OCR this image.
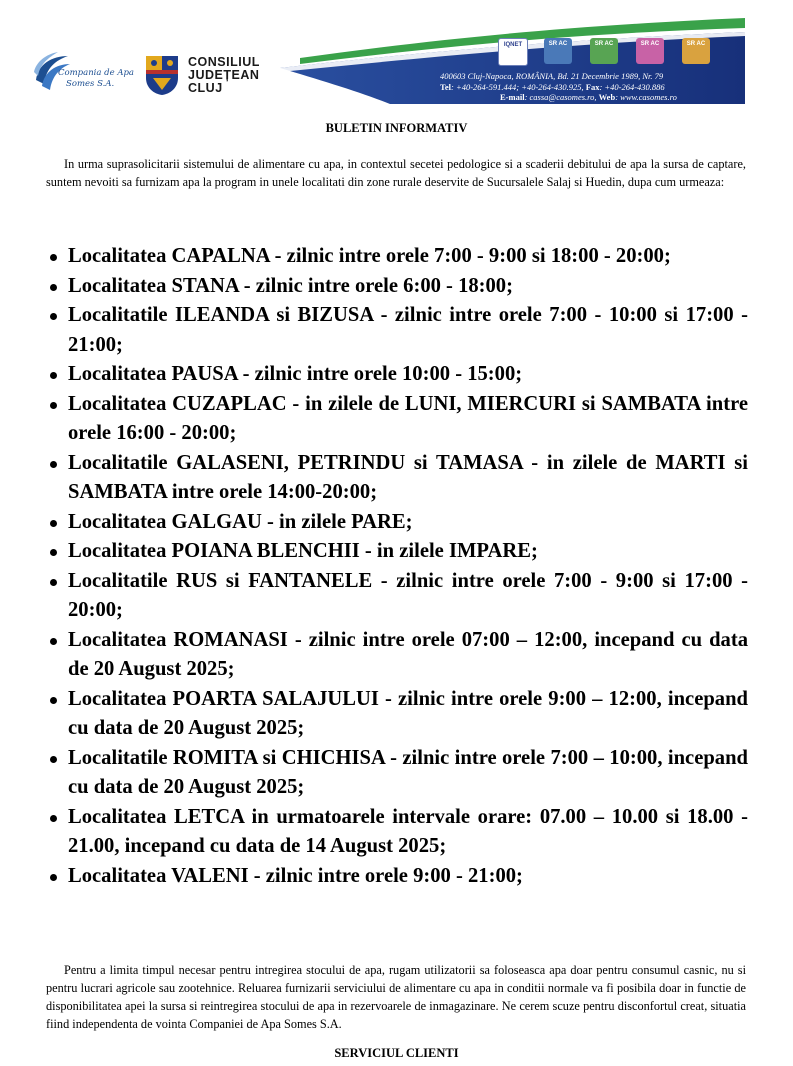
Compania de Apa
Somes S.A.
CONSILIUL
JUDEȚEAN
CLUJ
IQNET	SR AC	SR AC	SR AC	SR AC
400603 Cluj-Napoca, ROMÂNIA, Bd. 21 Decembrie 1989, Nr. 79
Tel: +40-264-591.444; +40-264-430.925, Fax: +40-264-430.886
E-mail: cassa@casomes.ro, Web: www.casomes.ro
BULETIN INFORMATIV
In urma suprasolicitarii sistemului de alimentare cu apa, in contextul secetei pedologice si a scaderii debitului de apa la sursa de captare, suntem nevoiti sa furnizam apa la program in unele localitati din zone rurale deservite de Sucursalele Salaj si Huedin, dupa cum urmeaza:
Localitatea CAPALNA - zilnic intre orele 7:00 - 9:00 si 18:00 - 20:00;
Localitatea STANA - zilnic intre orele 6:00 - 18:00;
Localitatile ILEANDA si BIZUSA - zilnic intre orele 7:00 - 10:00 si 17:00 - 21:00;
Localitatea PAUSA - zilnic intre orele 10:00 - 15:00;
Localitatea CUZAPLAC - in zilele de LUNI, MIERCURI si SAMBATA intre orele 16:00 - 20:00;
Localitatile GALASENI, PETRINDU si TAMASA - in zilele de MARTI si SAMBATA intre orele 14:00-20:00;
Localitatea GALGAU - in zilele PARE;
Localitatea POIANA BLENCHII - in zilele IMPARE;
Localitatile RUS si FANTANELE - zilnic intre orele 7:00 - 9:00 si 17:00 - 20:00;
Localitatea ROMANASI - zilnic intre orele 07:00 – 12:00, incepand cu data de 20 August 2025;
Localitatea POARTA SALAJULUI - zilnic intre orele 9:00 – 12:00, incepand cu data de 20 August 2025;
Localitatile ROMITA si CHICHISA - zilnic intre orele 7:00 – 10:00, incepand cu data de 20 August 2025;
Localitatea LETCA in urmatoarele intervale orare: 07.00 – 10.00 si 18.00 - 21.00, incepand cu data de 14 August 2025;
Localitatea VALENI - zilnic intre orele 9:00 - 21:00;
Pentru a limita timpul necesar pentru intregirea stocului de apa, rugam utilizatorii sa foloseasca apa doar pentru consumul casnic, nu si pentru lucrari agricole sau zootehnice. Reluarea furnizarii serviciului de alimentare cu apa in conditii normale va fi posibila doar in functie de disponibilitatea apei la sursa si reintregirea stocului de apa in rezervoarele de inmagazinare. Ne cerem scuze pentru disconfortul creat, situatia fiind independenta de vointa Companiei de Apa Somes S.A.
SERVICIUL CLIENTI
